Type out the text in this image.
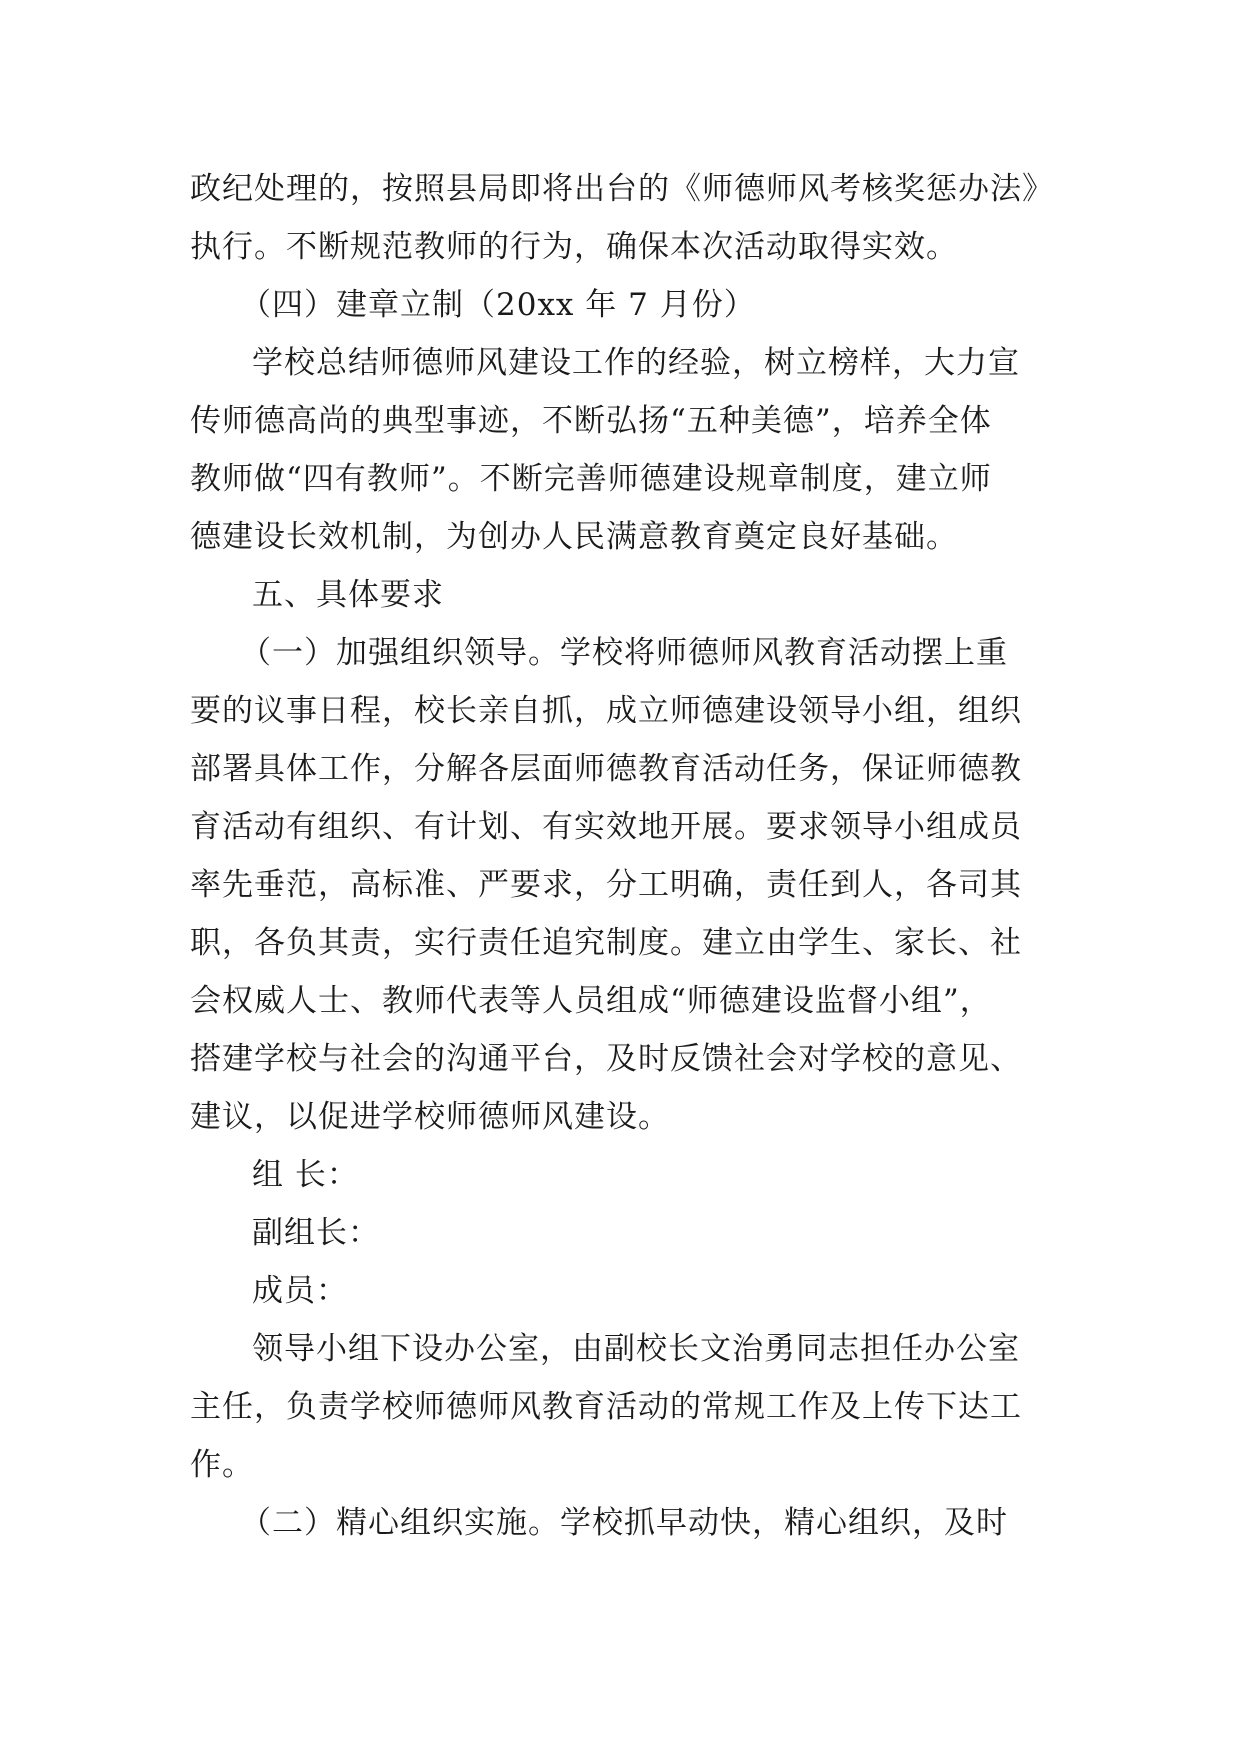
政纪处理的，按照县局即将出台的《师德师风考核奖惩办法》
执行。不断规范教师的行为，确保本次活动取得实效。
（四）建章立制（20xx 年 7 月份）
学校总结师德师风建设工作的经验，树立榜样，大力宣
传师德高尚的典型事迹，不断弘扬“五种美德”，培养全体
教师做“四有教师”。不断完善师德建设规章制度，建立师
德建设长效机制，为创办人民满意教育奠定良好基础。
五、具体要求
（一）加强组织领导。学校将师德师风教育活动摆上重
要的议事日程，校长亲自抓，成立师德建设领导小组，组织
部署具体工作，分解各层面师德教育活动任务，保证师德教
育活动有组织、有计划、有实效地开展。要求领导小组成员
率先垂范，高标准、严要求，分工明确，责任到人，各司其
职，各负其责，实行责任追究制度。建立由学生、家长、社
会权威人士、教师代表等人员组成“师德建设监督小组”，
搭建学校与社会的沟通平台，及时反馈社会对学校的意见、
建议，以促进学校师德师风建设。
组 长：
副组长：
成员：
领导小组下设办公室，由副校长文治勇同志担任办公室
主任，负责学校师德师风教育活动的常规工作及上传下达工
作。
（二）精心组织实施。学校抓早动快，精心组织，及时
